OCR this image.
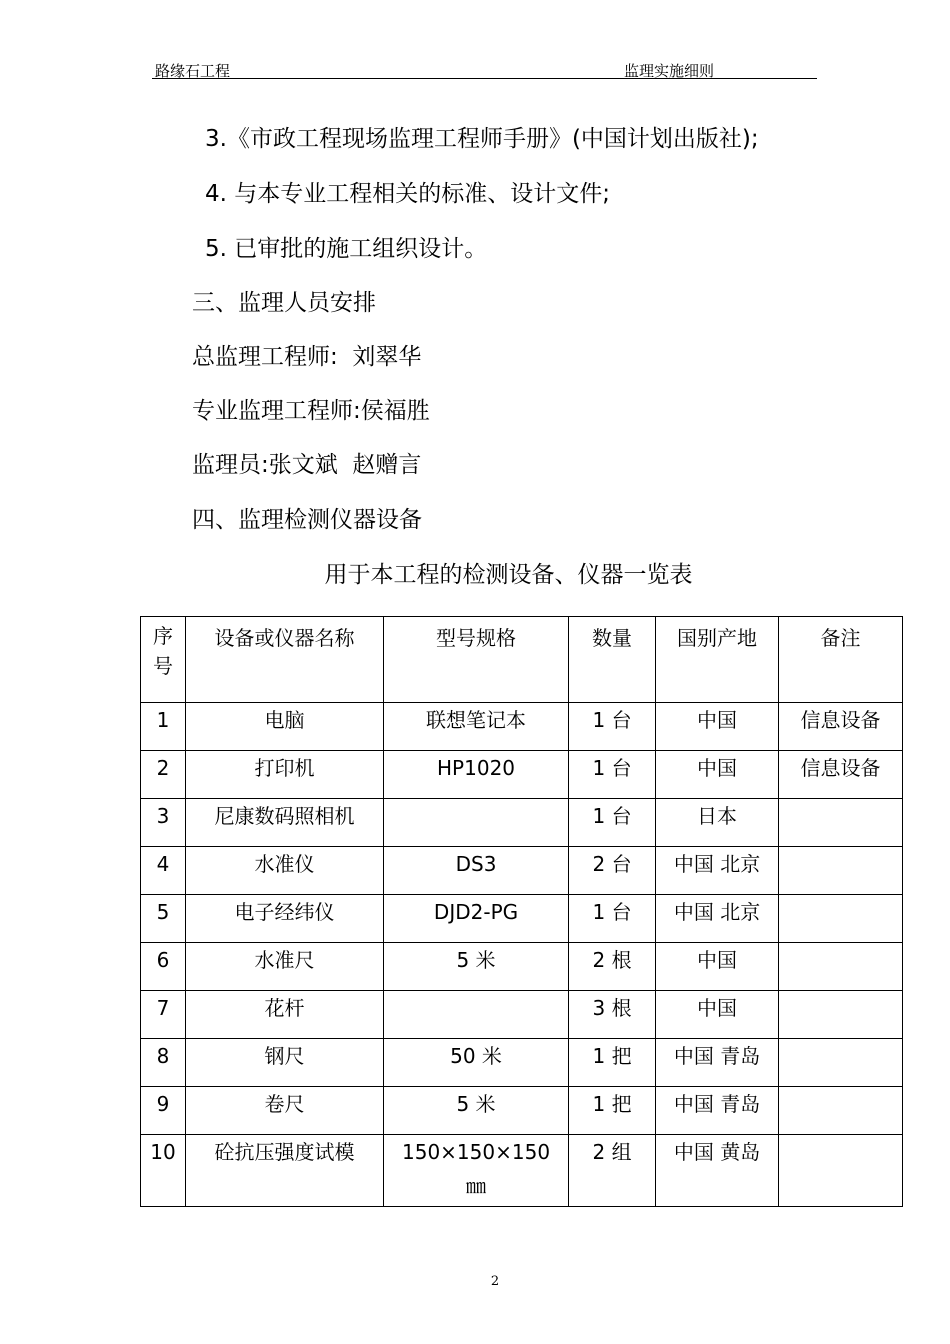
路缘石工程	监理实施细则
3.《市政工程现场监理工程师手册》(中国计划出版社);
4. 与本专业工程相关的标准、设计文件;
5. 已审批的施工组织设计。
三、监理人员安排
总监理工程师:  刘翠华
专业监理工程师:侯福胜
监理员:张文斌  赵赠言
四、监理检测仪器设备
用于本工程的检测设备、仪器一览表
序号	设备或仪器名称	型号规格	数量	国别产地	备注
1	电脑	联想笔记本	1 台	中国	信息设备
2	打印机	HP1020	1 台	中国	信息设备
3	尼康数码照相机		1 台	日本	
4	水准仪	DS3	2 台	中国 北京	
5	电子经纬仪	DJD2-PG	1 台	中国 北京	
6	水准尺	5 米	2 根	中国	
7	花杆		3 根	中国	
8	钢尺	50 米	1 把	中国 青岛	
9	卷尺	5 米	1 把	中国 青岛	
10	砼抗压强度试模	150×150×150 ㎜	2 组	中国 黄岛	
2
